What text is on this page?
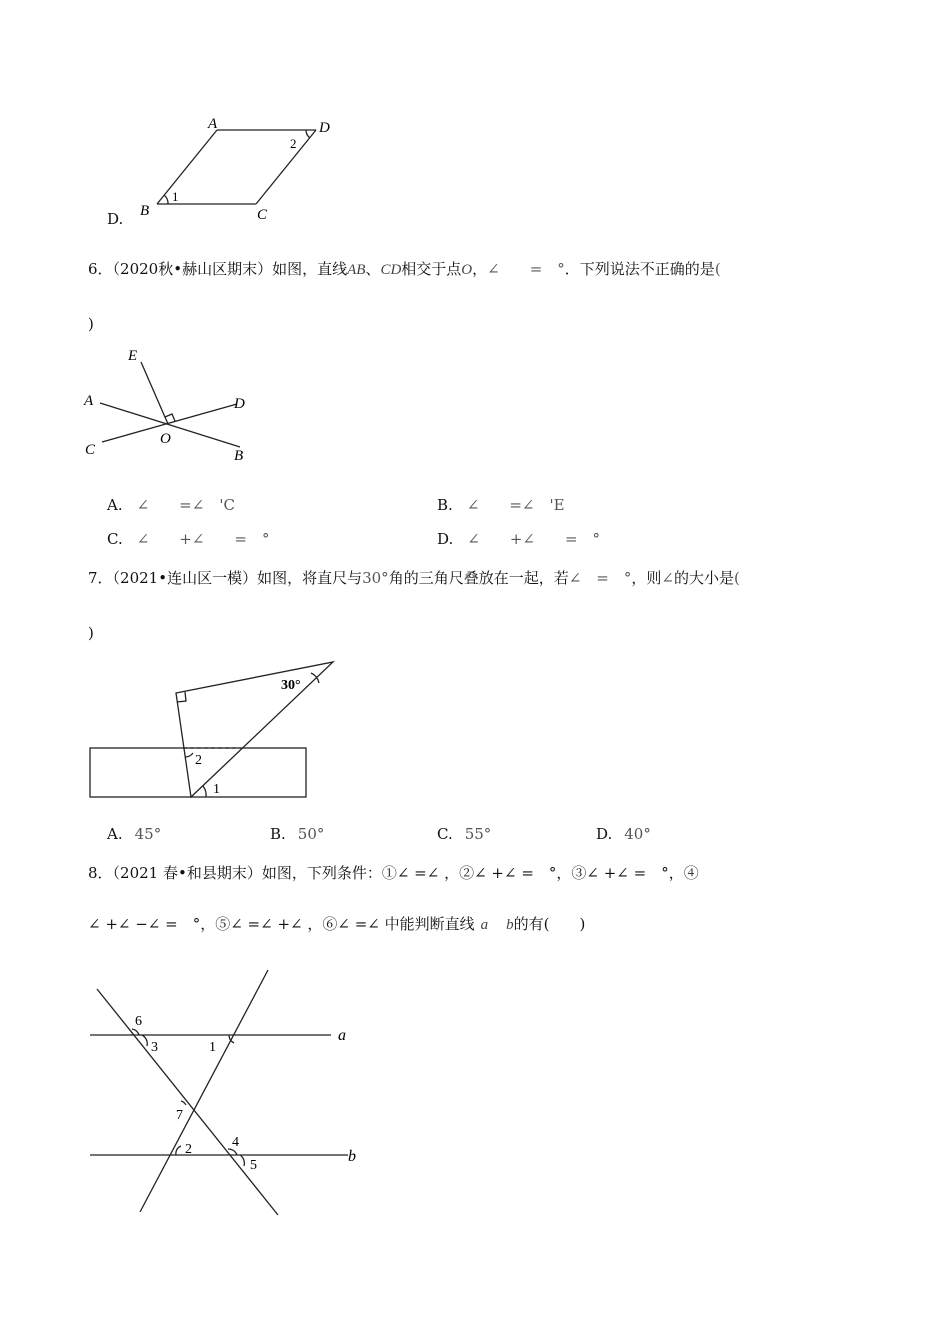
A	D
B	C
1
2
D.
6．（2020秋•赫山区期末）如图，直线AB、CD相交于点O，∠　　=　°．下列说法不正确的是(
)
E
A	D
C
O
B
A. ∠　　=∠　'C	B. ∠　　=∠　'E
C. ∠　　+∠　　=　°	D. ∠　　+∠　　=　°
7．（2021•连山区一模）如图，将直尺与30°角的三角尺叠放在一起，若∠　=　°，则∠的大小是(
)
30°
2
1
A. 45°	B. 50°	C. 55°	D. 40°
8．（2021 春•和县期末）如图，下列条件：①∠ =∠ ，②∠ +∠ =　°，③∠ +∠ =　°，④
∠ +∠ −∠ =　°，⑤∠ =∠ +∠ ，⑥∠ =∠ 中能判断直线 a b的有(　　)
6
3	1
7
2	4
5
a
b
